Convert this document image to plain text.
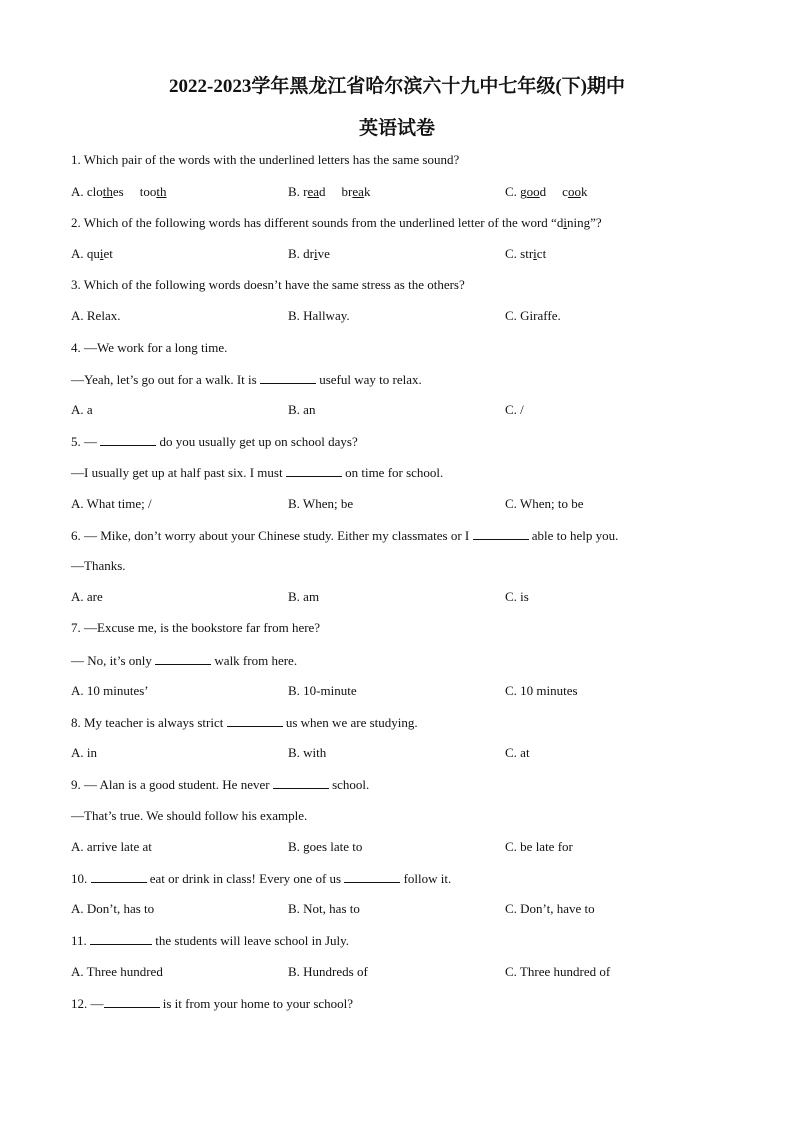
2022-2023学年黑龙江省哈尔滨六十九中七年级(下)期中
英语试卷
1. Which pair of the words with the underlined letters has the same sound?
A. clothes tooth	B. read break	C. good cook
2. Which of the following words has different sounds from the underlined letter of the word “dining”?
A. quiet	B. drive	C. strict
3. Which of the following words doesn’t have the same stress as the others?
A. Relax.	B. Hallway.	C. Giraffe.
4. —We work for a long time.
—Yeah, let’s go out for a walk. It is	useful way to relax.
A. a	B. an	C. /
5. —	do you usually get up on school days?
—I usually get up at half past six. I must	on time for school.
A. What time; /	B. When; be	C. When; to be
6. — Mike, don’t worry about your Chinese study. Either my classmates or I	able to help you.
—Thanks.
A. are	B. am	C. is
7. —Excuse me, is the bookstore far from here?
— No, it’s only	walk from here.
A. 10 minutes’	B. 10-minute	C. 10 minutes
8. My teacher is always strict	us when we are studying.
A. in	B. with	C. at
9. — Alan is a good student. He never	school.
—That’s true. We should follow his example.
A. arrive late at	B. goes late to	C. be late for
10.	eat or drink in class! Every one of us	follow it.
A. Don’t, has to	B. Not, has to	C. Don’t, have to
11.	the students will leave school in July.
A. Three hundred	B. Hundreds of	C. Three hundred of
12. —	is it from your home to your school?
